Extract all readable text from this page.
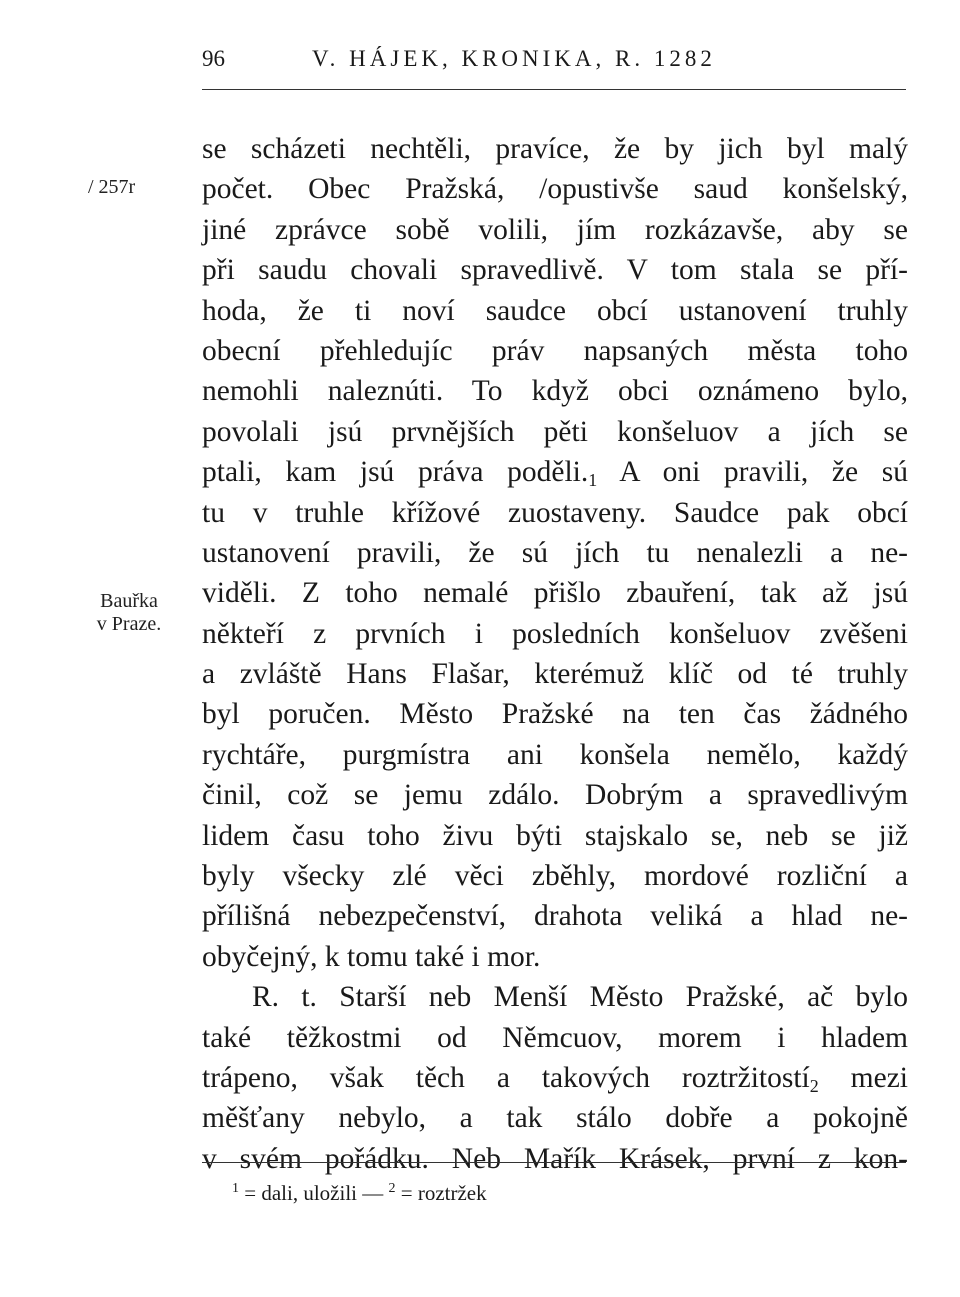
96	V. HÁJEK, KRONIKA, R. 1282
/ 257r
Bauřka
v Praze.
se scházeti nechtěli, pravíce, že by jich byl malý
počet. Obec Pražská, /opustivše saud konšelský,
jiné zprávce sobě volili, jím rozkázavše, aby se
při saudu chovali spravedlivě. V tom stala se pří-
hoda, že ti noví saudce obcí ustanovení truhly
obecní přehledujíc práv napsaných města toho
nemohli naleznúti. To když obci oznámeno bylo,
povolali jsú prvnějších pěti konšeluov a jích se
ptali, kam jsú práva $poděli._1$ A oni pravili, že sú
tu v truhle křížové zuostaveny. Saudce pak obcí
ustanovení pravili, že sú jích tu nenalezli a ne-
viděli. Z toho nemalé přišlo zbauření, tak až jsú
někteří z prvních i posledních konšeluov zvěšeni
a zvláště Hans Flašar, kterémuž klíč od té truhly
byl poručen. Město Pražské na ten čas žádného
rychtáře, purgmístra ani konšela nemělo, každý
činil, což se jemu zdálo. Dobrým a spravedlivým
lidem času toho živu býti stajskalo se, neb se již
byly všecky zlé věci zběhly, mordové rozliční a
přílišná nebezpečenství, drahota veliká a hlad ne-
obyčejný, k tomu také i mor.
R. t. Starší neb Menší Město Pražské, ač bylo
také těžkostmi od Němcuov, morem i hladem
trápeno, však těch a takových roztržitostí$_2$ mezi
měšťany nebylo, a tak stálo dobře a pokojně
v svém pořádku. Neb Mařík Krásek, první z kon-
$^1$ = dali, uložili — $^2$ = roztržek
